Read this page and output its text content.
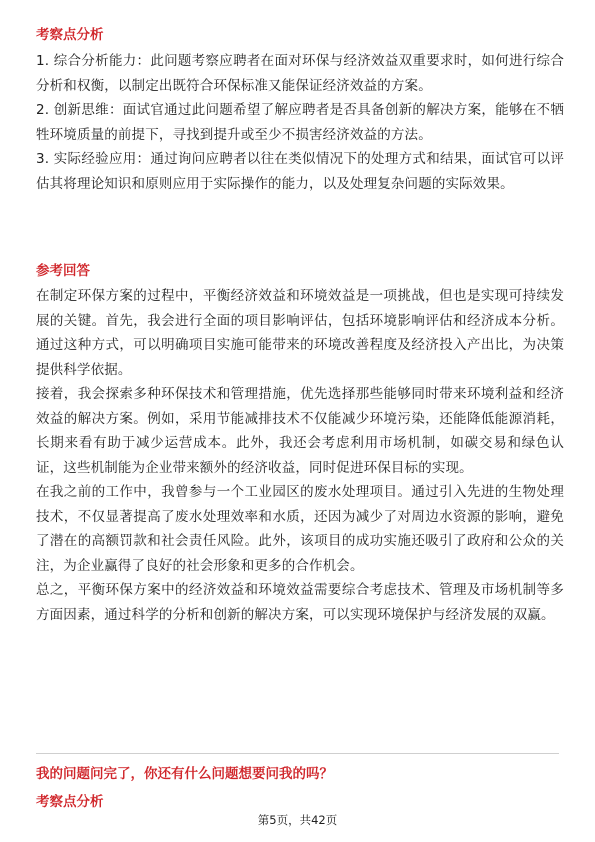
考察点分析

1. 综合分析能力：此问题考察应聘者在面对环保与经济效益双重要求时，如何进行综合分析和权衡，以制定出既符合环保标准又能保证经济效益的方案。

2. 创新思维：面试官通过此问题希望了解应聘者是否具备创新的解决方案，能够在不牺牲环境质量的前提下，寻找到提升或至少不损害经济效益的方法。

3. 实际经验应用：通过询问应聘者以往在类似情况下的处理方式和结果，面试官可以评估其将理论知识和原则应用于实际操作的能力，以及处理复杂问题的实际效果。

参考回答

在制定环保方案的过程中，平衡经济效益和环境效益是一项挑战，但也是实现可持续发展的关键。首先，我会进行全面的项目影响评估，包括环境影响评估和经济成本分析。通过这种方式，可以明确项目实施可能带来的环境改善程度及经济投入产出比，为决策提供科学依据。

接着，我会探索多种环保技术和管理措施，优先选择那些能够同时带来环境利益和经济效益的解决方案。例如，采用节能减排技术不仅能减少环境污染，还能降低能源消耗，长期来看有助于减少运营成本。此外，我还会考虑利用市场机制，如碳交易和绿色认证，这些机制能为企业带来额外的经济收益，同时促进环保目标的实现。

在我之前的工作中，我曾参与一个工业园区的废水处理项目。通过引入先进的生物处理技术，不仅显著提高了废水处理效率和水质，还因为减少了对周边水资源的影响，避免了潜在的高额罚款和社会责任风险。此外，该项目的成功实施还吸引了政府和公众的关注，为企业赢得了良好的社会形象和更多的合作机会。

总之，平衡环保方案中的经济效益和环境效益需要综合考虑技术、管理及市场机制等多方面因素，通过科学的分析和创新的解决方案，可以实现环境保护与经济发展的双赢。

我的问题问完了，你还有什么问题想要问我的吗？
考察点分析
第5页，共42页
